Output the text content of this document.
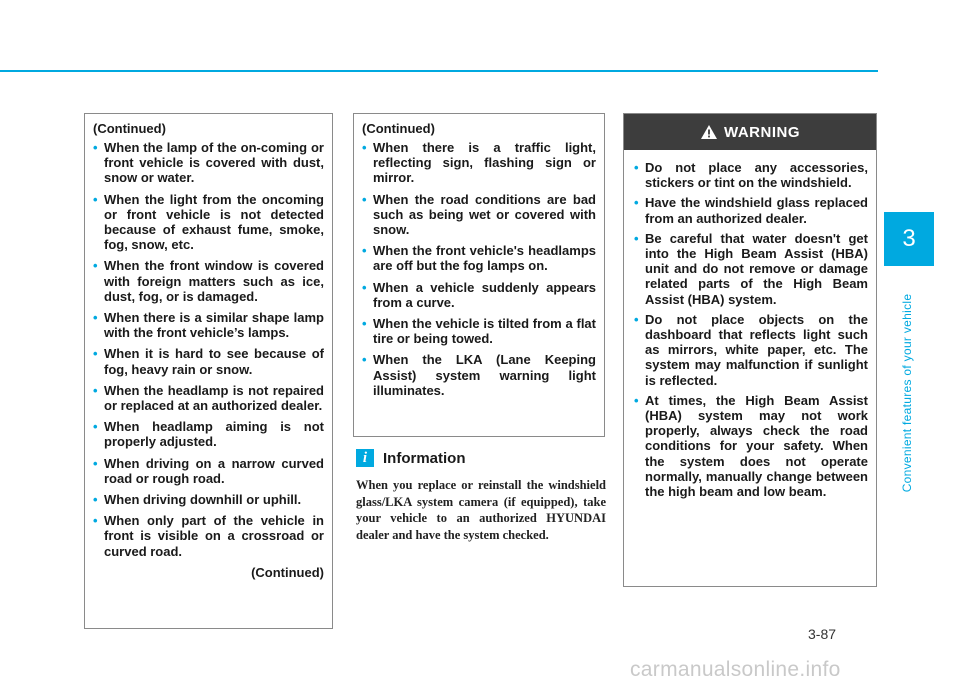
3
Convenient features of your vehicle
(Continued)
• When the lamp of the on-coming or front vehicle is covered with dust, snow or water.
• When the light from the oncoming or front vehicle is not detected because of exhaust fume, smoke, fog, snow, etc.
• When the front window is covered with foreign matters such as ice, dust, fog, or is damaged.
• When there is a similar shape lamp with the front vehicle’s lamps.
• When it is hard to see because of fog, heavy rain or snow.
• When the headlamp is not repaired or replaced at an authorized dealer.
• When headlamp aiming is not properly adjusted.
• When driving on a narrow curved road or rough road.
• When driving downhill or uphill.
• When only part of the vehicle in front is visible on a crossroad or curved road.
(Continued)
(Continued)
• When there is a traffic light, reflecting sign, flashing sign or mirror.
• When the road conditions are bad such as being wet or covered with snow.
• When the front vehicle's headlamps are off but the fog lamps on.
• When a vehicle suddenly appears from a curve.
• When the vehicle is tilted from a flat tire or being towed.
• When the LKA (Lane Keeping Assist) system warning light illuminates.
i	Information
When you replace or reinstall the windshield glass/LKA system camera (if equipped), take your vehicle to an authorized HYUNDAI dealer and have the system checked.
WARNING
• Do not place any accessories, stickers or tint on the windshield.
• Have the windshield glass replaced from an authorized dealer.
• Be careful that water doesn't get into the High Beam Assist (HBA) unit and do not remove or damage related parts of the High Beam Assist (HBA) system.
• Do not place objects on the dashboard that reflects light such as mirrors, white paper, etc. The system may malfunction if sunlight is reflected.
• At times, the High Beam Assist (HBA) system may not work properly, always check the road conditions for your safety. When the system does not operate normally, manually change between the high beam and low beam.
3-87
carmanualsonline.info
